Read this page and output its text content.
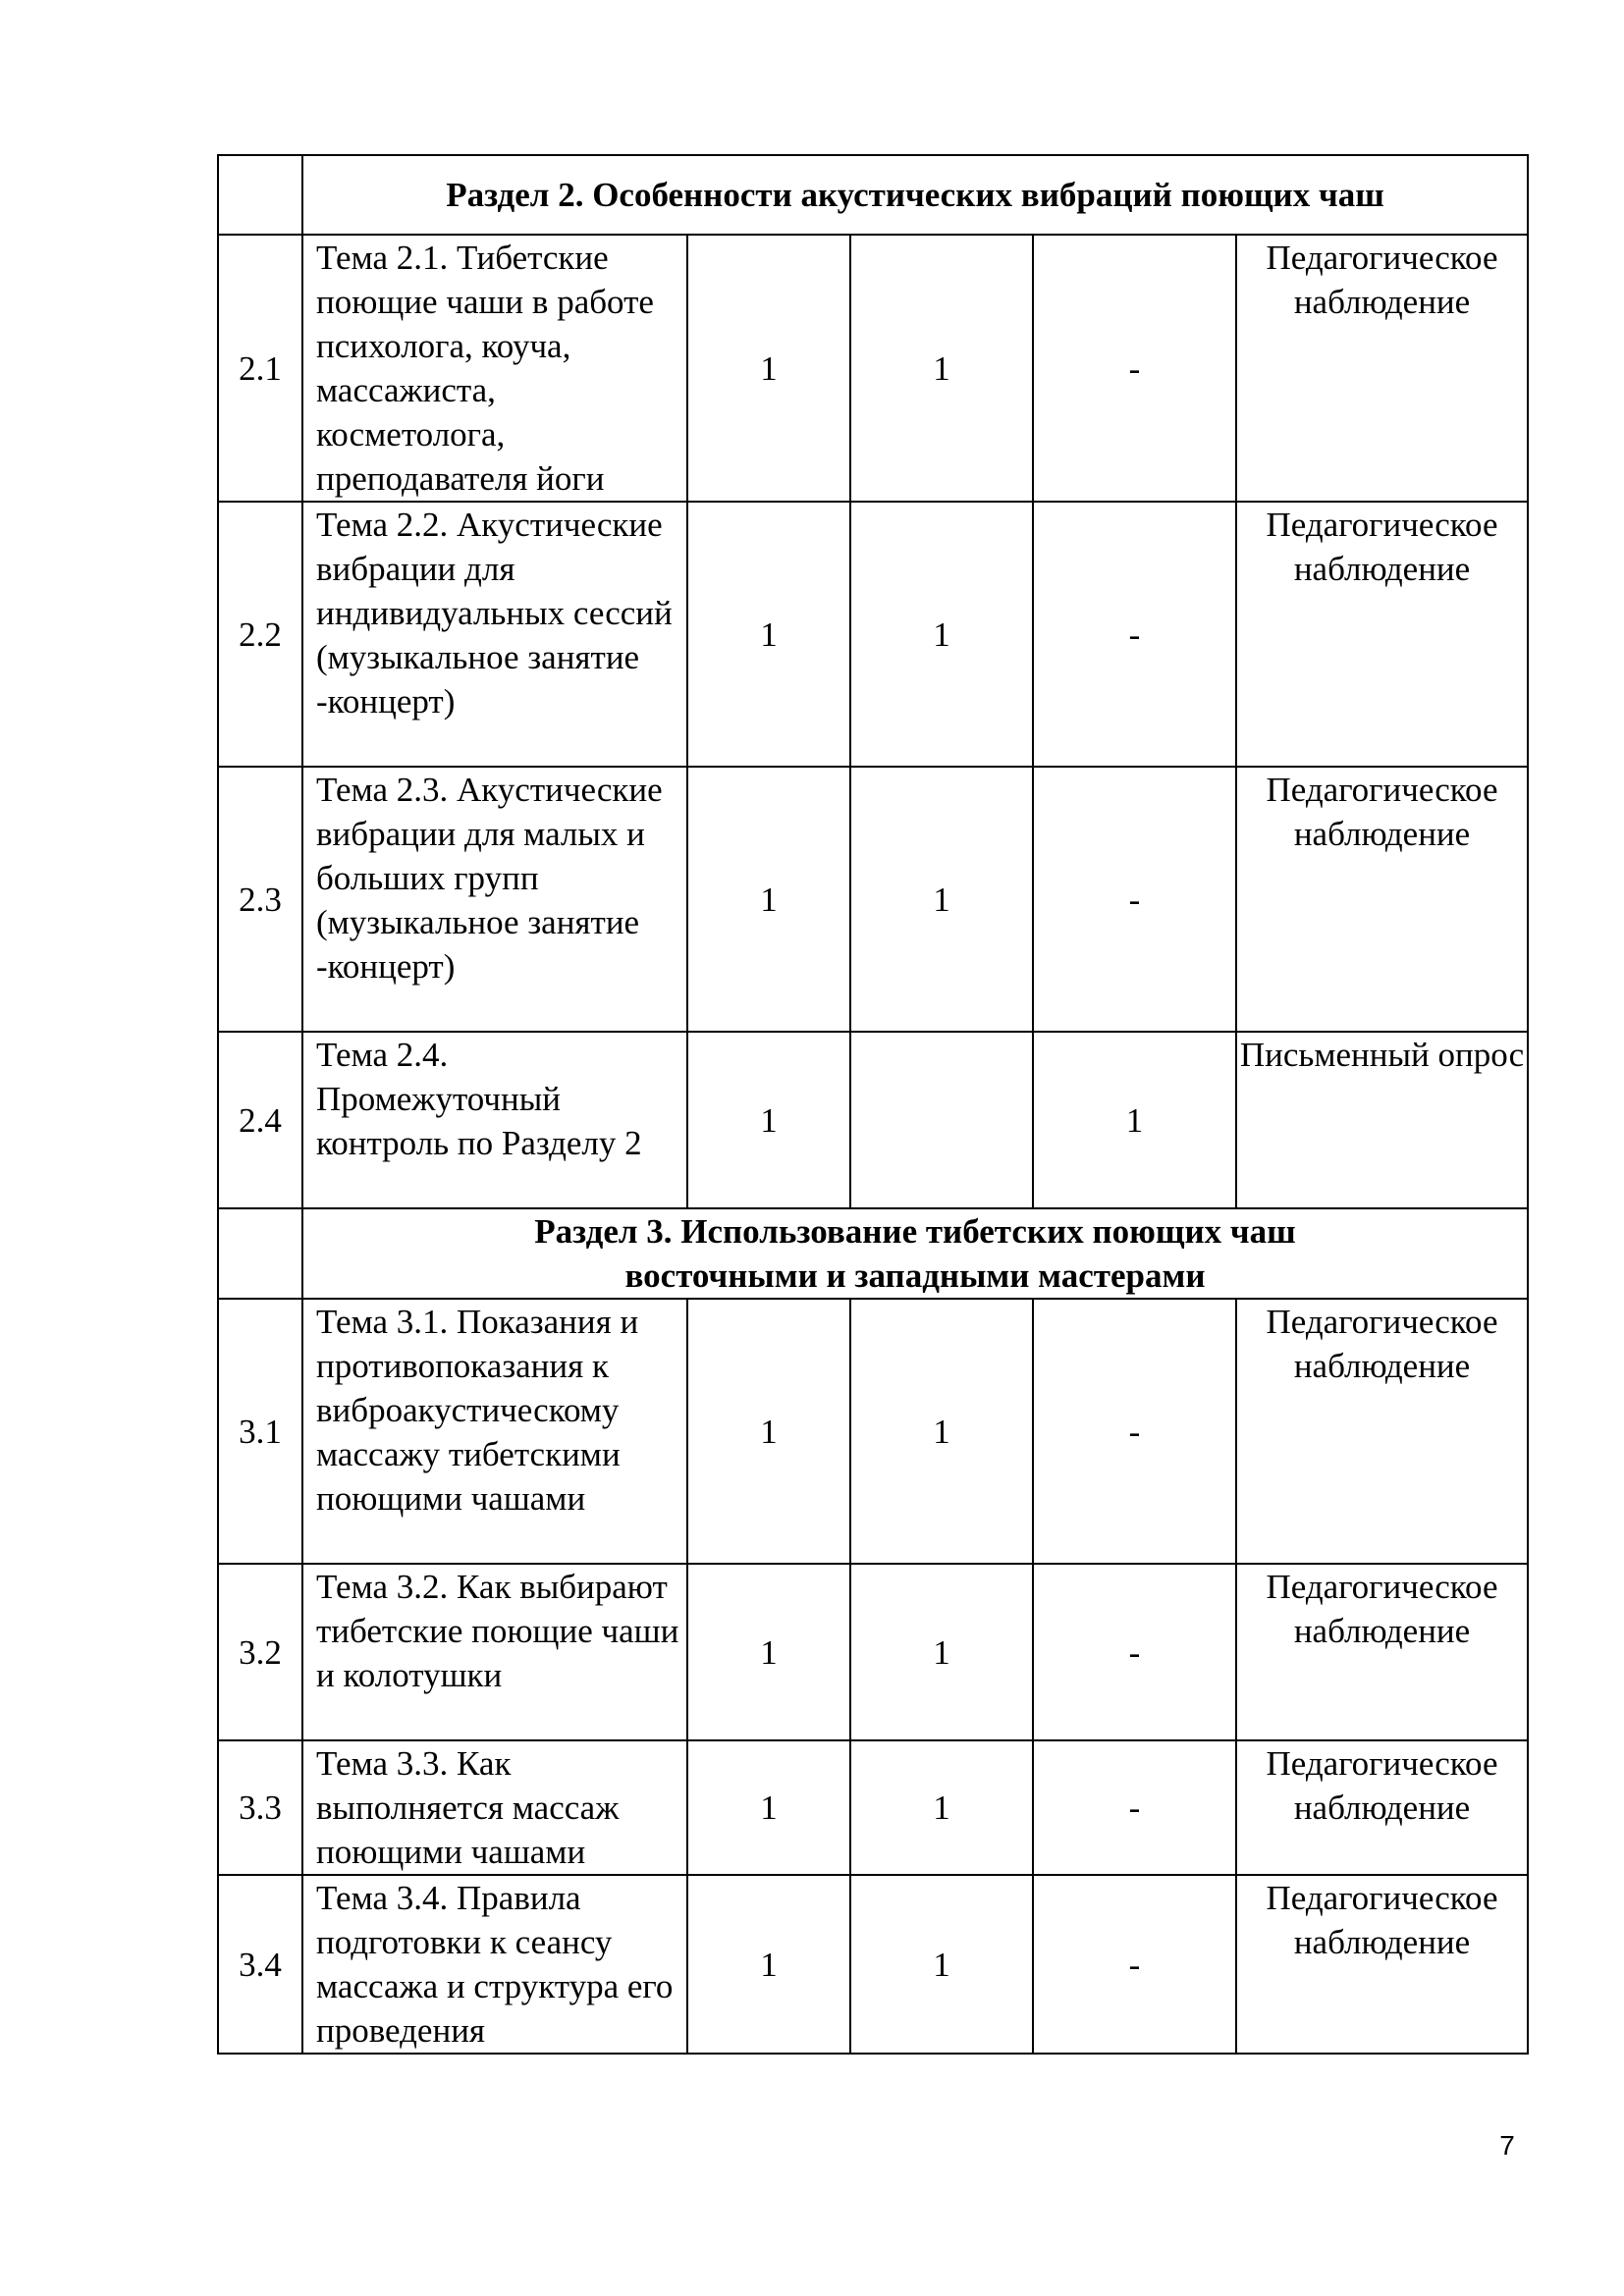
	Раздел 2. Особенности акустических вибраций поющих чаш				
2.1	Тема 2.1. Тибетские поющие чаши в работе психолога, коуча, массажиста, косметолога, преподавателя йоги	1	1	-	Педагогическое наблюдение
2.2	Тема 2.2. Акустические вибрации для индивидуальных сессий (музыкальное занятие -концерт)	1	1	-	Педагогическое наблюдение
2.3	Тема 2.3. Акустические вибрации для малых и больших групп (музыкальное занятие -концерт)	1	1	-	Педагогическое наблюдение
2.4	Тема 2.4. Промежуточный контроль по Разделу 2	1		1	Письменный опрос

	Раздел 3. Использование тибетских поющих чаш
восточными и западными мастерами				

3.1	Тема 3.1. Показания и противопоказания к виброакустическому массажу тибетскими поющими чашами	1	1	-	Педагогическое наблюдение
3.2	Тема 3.2. Как выбирают тибетские поющие чаши и колотушки	1	1	-	Педагогическое наблюдение
3.3	Тема 3.3. Как выполняется массаж поющими чашами	1	1	-	Педагогическое наблюдение
3.4	Тема 3.4. Правила подготовки к сеансу массажа и структура его проведения	1	1	-	Педагогическое наблюдение
7
